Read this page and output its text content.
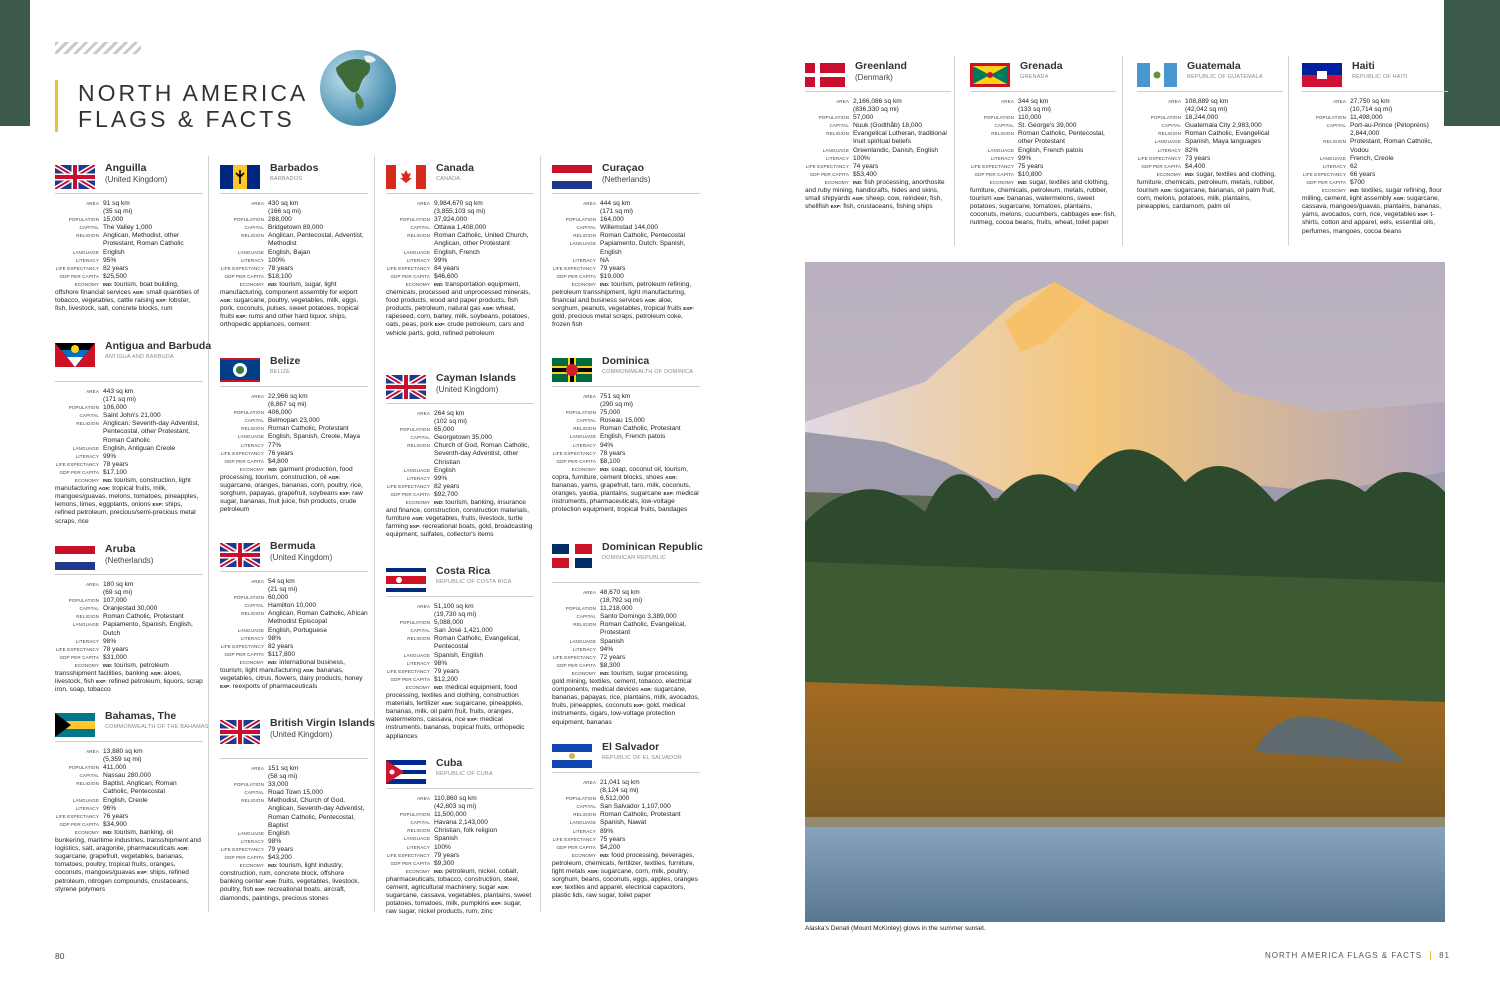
NORTH AMERICA
FLAGS & FACTS
Anguilla
(United Kingdom)
AREA 91 sq km
(35 sq mi)
POPULATION 15,000
CAPITAL The Valley 1,000
RELIGION Anglican, Methodist, other Protestant, Roman Catholic
LANGUAGE English
LITERACY 95%
LIFE EXPECTANCY 82 years
GDP PER CAPITA $25,500
ECONOMY IND: tourism, boat building, offshore financial services AGR: small quantities of tobacco, vegetables, cattle raising EXP: lobster, fish, livestock, salt, concrete blocks, rum
Antigua and Barbuda
ANTIGUA AND BARBUDA
AREA 443 sq km
(171 sq mi)
POPULATION 106,000
CAPITAL Saint John's 21,000
RELIGION Anglican, Seventh-day Adventist, Pentecostal, other Protestant, Roman Catholic
LANGUAGE English, Antiguan Creole
LITERACY 99%
LIFE EXPECTANCY 78 years
GDP PER CAPITA $17,100
ECONOMY IND: tourism, construction, light manufacturing AGR: tropical fruits, milk, mangoes/guavas, melons, tomatoes, pineapples, lemons, limes, eggplants, onions EXP: ships, refined petroleum, precious/semi-precious metal scraps, rice
Aruba
(Netherlands)
AREA 180 sq km
(69 sq mi)
POPULATION 107,000
CAPITAL Oranjestad 30,000
RELIGION Roman Catholic, Protestant
LANGUAGE Papiamento, Spanish, English, Dutch
LITERACY 98%
LIFE EXPECTANCY 78 years
GDP PER CAPITA $31,000
ECONOMY IND: tourism, petroleum transshipment facilities, banking AGR: aloes, livestock, fish EXP: refined petroleum, liquors, scrap iron, soap, tobacco
Bahamas, The
COMMONWEALTH OF THE BAHAMAS
AREA 13,880 sq km
(5,359 sq mi)
POPULATION 411,000
CAPITAL Nassau 280,000
RELIGION Baptist, Anglican, Roman Catholic, Pentecostal
LANGUAGE English, Creole
LITERACY 96%
LIFE EXPECTANCY 76 years
GDP PER CAPITA $34,900
ECONOMY IND: tourism, banking, oil bunkering, maritime industries, transshipment and logistics, salt, aragonite, pharmaceuticals AGR: sugarcane, grapefruit, vegetables, bananas, tomatoes, poultry, tropical fruits, oranges, coconuts, mangoes/guavas EXP: ships, refined petroleum, nitrogen compounds, crustaceans, styrene polymers
Barbados
BARBADOS
AREA 430 sq km
(166 sq mi)
POPULATION 288,000
CAPITAL Bridgetown 89,000
RELIGION Anglican, Pentecostal, Adventist, Methodist
LANGUAGE English, Bajan
LITERACY 100%
LIFE EXPECTANCY 78 years
GDP PER CAPITA $18,100
ECONOMY IND: tourism, sugar, light manufacturing, component assembly for export AGR: sugarcane, poultry, vegetables, milk, eggs, pork, coconuts, pulses, sweet potatoes, tropical fruits EXP: rums and other hard liquor, ships, orthopedic appliances, cement
Belize
BELIZE
AREA 22,966 sq km
(8,867 sq mi)
POPULATION 406,000
CAPITAL Belmopan 23,000
RELIGION Roman Catholic, Protestant
LANGUAGE English, Spanish, Creole, Maya
LITERACY 77%
LIFE EXPECTANCY 76 years
GDP PER CAPITA $4,800
ECONOMY IND: garment production, food processing, tourism, construction, oil AGR: sugarcane, oranges, bananas, corn, poultry, rice, sorghum, papayas, grapefruit, soybeans EXP: raw sugar, bananas, fruit juice, fish products, crude petroleum
Bermuda
(United Kingdom)
AREA 54 sq km
(21 sq mi)
POPULATION 60,000
CAPITAL Hamilton 10,000
RELIGION Anglican, Roman Catholic, African Methodist Episcopal
LANGUAGE English, Portuguese
LITERACY 98%
LIFE EXPECTANCY 82 years
GDP PER CAPITA $117,800
ECONOMY IND: international business, tourism, light manufacturing AGR: bananas, vegetables, citrus, flowers, dairy products, honey EXP: reexports of pharmaceuticals
British Virgin Islands
(United Kingdom)
AREA 151 sq km
(58 sq mi)
POPULATION 33,000
CAPITAL Road Town 15,000
RELIGION Methodist, Church of God, Anglican, Seventh-day Adventist, Roman Catholic, Pentecostal, Baptist
LANGUAGE English
LITERACY 98%
LIFE EXPECTANCY 79 years
GDP PER CAPITA $43,200
ECONOMY IND: tourism, light industry, construction, rum, concrete block, offshore banking center AGR: fruits, vegetables, livestock, poultry, fish EXP: recreational boats, aircraft, diamonds, paintings, precious stones
Canada
CANADA
AREA 9,984,670 sq km
(3,855,103 sq mi)
POPULATION 37,924,000
CAPITAL Ottawa 1,408,000
RELIGION Roman Catholic, United Church, Anglican, other Protestant
LANGUAGE English, French
LITERACY 99%
LIFE EXPECTANCY 84 years
GDP PER CAPITA $46,600
ECONOMY IND: transportation equipment, chemicals, processed and unprocessed minerals, food products, wood and paper products, fish products, petroleum, natural gas AGR: wheat, rapeseed, corn, barley, milk, soybeans, potatoes, oats, peas, pork EXP: crude petroleum, cars and vehicle parts, gold, refined petroleum
Cayman Islands
(United Kingdom)
AREA 264 sq km
(102 sq mi)
POPULATION 65,000
CAPITAL Georgetown 35,000
RELIGION Church of God, Roman Catholic, Seventh-day Adventist, other Christian
LANGUAGE English
LITERACY 99%
LIFE EXPECTANCY 82 years
GDP PER CAPITA $92,700
ECONOMY IND: tourism, banking, insurance and finance, construction, construction materials, furniture AGR: vegetables, fruits, livestock, turtle farming EXP: recreational boats, gold, broadcasting equipment, sulfates, collector's items
Costa Rica
REPUBLIC OF COSTA RICA
AREA 51,100 sq km
(19,730 sq mi)
POPULATION 5,088,000
CAPITAL San José 1,421,000
RELIGION Roman Catholic, Evangelical, Pentecostal
LANGUAGE Spanish, English
LITERACY 98%
LIFE EXPECTANCY 79 years
GDP PER CAPITA $12,200
ECONOMY IND: medical equipment, food processing, textiles and clothing, construction materials, fertilizer AGR: sugarcane, pineapples, bananas, milk, oil palm fruit, fruits, oranges, watermelons, cassava, rice EXP: medical instruments, bananas, tropical fruits, orthopedic appliances
Cuba
REPUBLIC OF CUBA
AREA 110,860 sq km
(42,803 sq mi)
POPULATION 11,500,000
CAPITAL Havana 2,143,000
RELIGION Christian, folk religion
LANGUAGE Spanish
LITERACY 100%
LIFE EXPECTANCY 79 years
GDP PER CAPITA $9,300
ECONOMY IND: petroleum, nickel, cobalt, pharmaceuticals, tobacco, construction, steel, cement, agricultural machinery, sugar AGR: sugarcane, cassava, vegetables, plantains, sweet potatoes, tomatoes, milk, pumpkins EXP: sugar, raw sugar, nickel products, rum, zinc
Curaçao
(Netherlands)
AREA 444 sq km
(171 sq mi)
POPULATION 164,000
CAPITAL Willemstad 144,000
RELIGION Roman Catholic, Pentecostal
LANGUAGE Papiamento, Dutch, Spanish, English
LITERACY NA
LIFE EXPECTANCY 79 years
GDP PER CAPITA $19,000
ECONOMY IND: tourism, petroleum refining, petroleum transshipment, light manufacturing, financial and business services AGR: aloe, sorghum, peanuts, vegetables, tropical fruits EXP: gold, precious metal scraps, petroleum coke, frozen fish
Dominica
COMMONWEALTH OF DOMINICA
AREA 751 sq km
(290 sq mi)
POPULATION 75,000
CAPITAL Roseau 15,000
RELIGION Roman Catholic, Protestant
LANGUAGE English, French patois
LITERACY 94%
LIFE EXPECTANCY 78 years
GDP PER CAPITA $8,100
ECONOMY IND: soap, coconut oil, tourism, copra, furniture, cement blocks, shoes AGR: bananas, yams, grapefruit, taro, milk, coconuts, oranges, yautia, plantains, sugarcane EXP: medical instruments, pharmaceuticals, low-voltage protection equipment, tropical fruits, bandages
Dominican Republic
DOMINICAN REPUBLIC
AREA 48,670 sq km
(18,792 sq mi)
POPULATION 11,218,000
CAPITAL Santo Domingo 3,389,000
RELIGION Roman Catholic, Evangelical, Protestant
LANGUAGE Spanish
LITERACY 94%
LIFE EXPECTANCY 72 years
GDP PER CAPITA $8,300
ECONOMY IND: tourism, sugar processing, gold mining, textiles, cement, tobacco, electrical components, medical devices AGR: sugarcane, bananas, papayas, rice, plantains, milk, avocados, fruits, pineapples, coconuts EXP: gold, medical instruments, cigars, low-voltage protection equipment, bananas
El Salvador
REPUBLIC OF EL SALVADOR
AREA 21,041 sq km
(8,124 sq mi)
POPULATION 6,512,000
CAPITAL San Salvador 1,107,000
RELIGION Roman Catholic, Protestant
LANGUAGE Spanish, Nawat
LITERACY 89%
LIFE EXPECTANCY 75 years
GDP PER CAPITA $4,200
ECONOMY IND: food processing, beverages, petroleum, chemicals, fertilizer, textiles, furniture, light metals AGR: sugarcane, corn, milk, poultry, sorghum, beans, coconuts, eggs, apples, oranges EXP: textiles and apparel, electrical capacitors, plastic lids, raw sugar, toilet paper
Greenland
(Denmark)
AREA 2,166,086 sq km
(836,330 sq mi)
POPULATION 57,000
CAPITAL Nuuk (Godthåb) 18,000
RELIGION Evangelical Lutheran, traditional Inuit spiritual beliefs
LANGUAGE Greenlandic, Danish, English
LITERACY 100%
LIFE EXPECTANCY 74 years
GDP PER CAPITA $53,400
ECONOMY IND: fish processing, anorthosite and ruby mining, handicrafts, hides and skins, small shipyards AGR: sheep, cow, reindeer, fish, shellfish EXP: fish, crustaceans, fishing ships
Grenada
GRENADA
AREA 344 sq km
(133 sq mi)
POPULATION 110,000
CAPITAL St. George's 39,000
RELIGION Roman Catholic, Pentecostal, other Protestant
LANGUAGE English, French patois
LITERACY 99%
LIFE EXPECTANCY 75 years
GDP PER CAPITA $10,800
ECONOMY IND: sugar, textiles and clothing, furniture, chemicals, petroleum, metals, rubber, tourism AGR: bananas, watermelons, sweet potatoes, sugarcane, tomatoes, plantains, coconuts, melons, cucumbers, cabbages EXP: fish, nutmeg, cocoa beans, fruits, wheat, toilet paper
Guatemala
REPUBLIC OF GUATEMALA
AREA 108,889 sq km
(42,042 sq mi)
POPULATION 18,244,000
CAPITAL Guatemala City 2,983,000
RELIGION Roman Catholic, Evangelical
LANGUAGE Spanish, Maya languages
LITERACY 82%
LIFE EXPECTANCY 73 years
GDP PER CAPITA $4,400
ECONOMY IND: sugar, textiles and clothing, furniture, chemicals, petroleum, metals, rubber, tourism AGR: sugarcane, bananas, oil palm fruit, corn, melons, potatoes, milk, plantains, pineapples, cardamom, palm oil
Haiti
REPUBLIC OF HAITI
AREA 27,750 sq km
(10,714 sq mi)
POPULATION 11,498,000
CAPITAL Port-au-Prince (Pétopréns) 2,844,000
RELIGION Protestant, Roman Catholic, Vodou
LANGUAGE French, Creole
LITERACY 62
LIFE EXPECTANCY 66 years
GDP PER CAPITA $700
ECONOMY IND: textiles, sugar refining, flour milling, cement, light assembly AGR: sugarcane, cassava, mangoes/guavas, plantains, bananas, yams, avocados, corn, rice, vegetables EXP: t-shirts, cotton and apparel, eels, essential oils, perfumes, mangoes, cocoa beans
Alaska's Denali (Mount McKinley) glows in the summer sunset.
80	NORTH AMERICA FLAGS & FACTS 81
